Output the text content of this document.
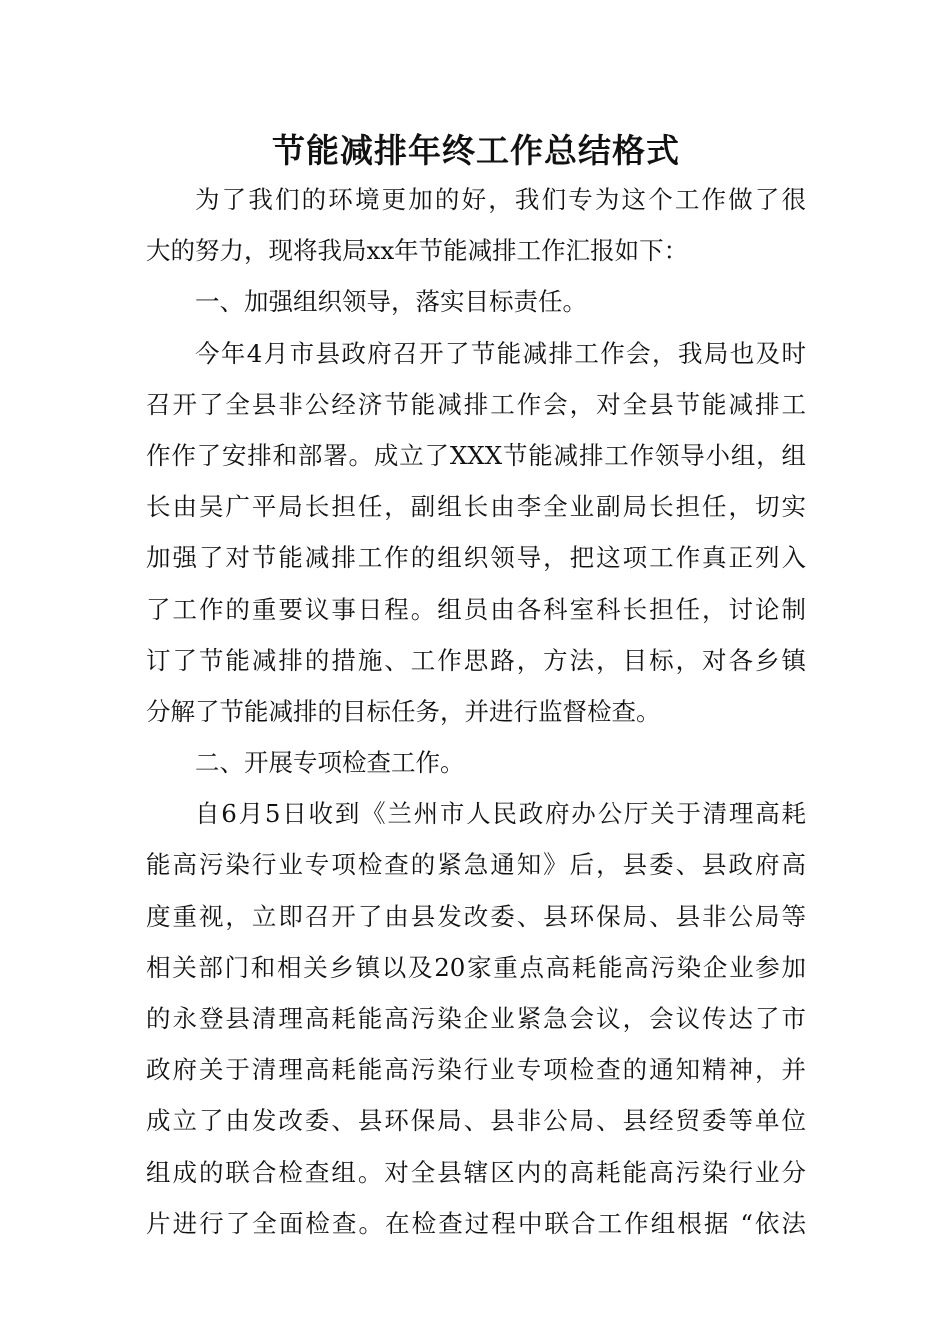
节能减排年终工作总结格式
为了我们的环境更加的好，我们专为这个工作做了很
大的努力，现将我局xx年节能减排工作汇报如下：
一、加强组织领导，落实目标责任。
今年4月市县政府召开了节能减排工作会，我局也及时
召开了全县非公经济节能减排工作会，对全县节能减排工
作作了安排和部署。成立了XXX节能减排工作领导小组，组
长由吴广平局长担任，副组长由李全业副局长担任，切实
加强了对节能减排工作的组织领导，把这项工作真正列入
了工作的重要议事日程。组员由各科室科长担任，讨论制
订了节能减排的措施、工作思路，方法，目标，对各乡镇
分解了节能减排的目标任务，并进行监督检查。
二、开展专项检查工作。
自6月5日收到《兰州市人民政府办公厅关于清理高耗
能高污染行业专项检查的紧急通知》后，县委、县政府高
度重视，立即召开了由县发改委、县环保局、县非公局等
相关部门和相关乡镇以及20家重点高耗能高污染企业参加
的永登县清理高耗能高污染企业紧急会议，会议传达了市
政府关于清理高耗能高污染行业专项检查的通知精神，并
成立了由发改委、县环保局、县非公局、县经贸委等单位
组成的联合检查组。对全县辖区内的高耗能高污染行业分
片进行了全面检查。在检查过程中联合工作组根据 “依法
